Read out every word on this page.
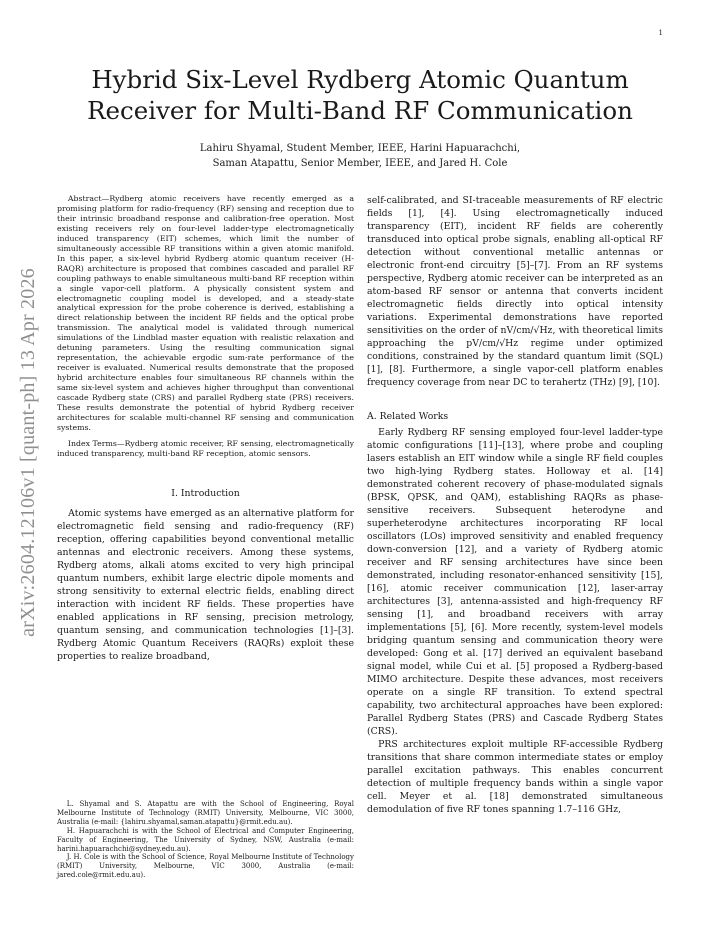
1
arXiv:2604.12106v1 [quant-ph] 13 Apr 2026
Hybrid Six-Level Rydberg Atomic Quantum
Receiver for Multi-Band RF Communication
Lahiru Shyamal, Student Member, IEEE, Harini Hapuarachchi,
Saman Atapattu, Senior Member, IEEE, and Jared H. Cole

Abstract—Rydberg atomic receivers have recently emerged as a promising platform for radio-frequency (RF) sensing and reception due to their intrinsic broadband response and calibration-free operation. Most existing receivers rely on four-level ladder-type electromagnetically induced transparency (EIT) schemes, which limit the number of simultaneously accessible RF transitions within a given atomic manifold. In this paper, a six-level hybrid Rydberg atomic quantum receiver (H-RAQR) architecture is proposed that combines cascaded and parallel RF coupling pathways to enable simultaneous multi-band RF reception within a single vapor-cell platform. A physically consistent system and electromagnetic coupling model is developed, and a steady-state analytical expression for the probe coherence is derived, establishing a direct relationship between the incident RF fields and the optical probe transmission. The analytical model is validated through numerical simulations of the Lindblad master equation with realistic relaxation and detuning parameters. Using the resulting communication signal representation, the achievable ergodic sum-rate performance of the receiver is evaluated. Numerical results demonstrate that the proposed hybrid architecture enables four simultaneous RF channels within the same six-level system and achieves higher throughput than conventional cascade Rydberg state (CRS) and parallel Rydberg state (PRS) receivers. These results demonstrate the potential of hybrid Rydberg receiver architectures for scalable multi-channel RF sensing and communication systems.

Index Terms—Rydberg atomic receiver, RF sensing, electromagnetically induced transparency, multi-band RF reception, atomic sensors.

I. Introduction

Atomic systems have emerged as an alternative platform for electromagnetic field sensing and radio-frequency (RF) reception, offering capabilities beyond conventional metallic antennas and electronic receivers. Among these systems, Rydberg atoms, alkali atoms excited to very high principal quantum numbers, exhibit large electric dipole moments and strong sensitivity to external electric fields, enabling direct interaction with incident RF fields. These properties have enabled applications in RF sensing, precision metrology, quantum sensing, and communication technologies [1]–[3]. Rydberg Atomic Quantum Receivers (RAQRs) exploit these properties to realize broadband,

L. Shyamal and S. Atapattu are with the School of Engineering, Royal Melbourne Institute of Technology (RMIT) University, Melbourne, VIC 3000, Australia (e-mail: {lahiru.shyamal,saman.atapattu}@rmit.edu.au).

H. Hapuarachchi is with the School of Electrical and Computer Engineering, Faculty of Engineering, The University of Sydney, NSW, Australia (e-mail: harini.hapuarachchi@sydney.edu.au).

J. H. Cole is with the School of Science, Royal Melbourne Institute of Technology (RMIT) University, Melbourne, VIC 3000, Australia (e-mail: jared.cole@rmit.edu.au).

self-calibrated, and SI-traceable measurements of RF electric fields [1], [4]. Using electromagnetically induced transparency (EIT), incident RF fields are coherently transduced into optical probe signals, enabling all-optical RF detection without conventional metallic antennas or electronic front-end circuitry [5]–[7]. From an RF systems perspective, Rydberg atomic receiver can be interpreted as an atom-based RF sensor or antenna that converts incident electromagnetic fields directly into optical intensity variations. Experimental demonstrations have reported sensitivities on the order of nV/cm/√Hz, with theoretical limits approaching the pV/cm/√Hz regime under optimized conditions, constrained by the standard quantum limit (SQL) [1], [8]. Furthermore, a single vapor-cell platform enables frequency coverage from near DC to terahertz (THz) [9], [10].

A. Related Works

Early Rydberg RF sensing employed four-level ladder-type atomic configurations [11]–[13], where probe and coupling lasers establish an EIT window while a single RF field couples two high-lying Rydberg states. Holloway et al. [14] demonstrated coherent recovery of phase-modulated signals (BPSK, QPSK, and QAM), establishing RAQRs as phase-sensitive receivers. Subsequent heterodyne and superheterodyne architectures incorporating RF local oscillators (LOs) improved sensitivity and enabled frequency down-conversion [12], and a variety of Rydberg atomic receiver and RF sensing architectures have since been demonstrated, including resonator-enhanced sensitivity [15], [16], atomic receiver communication [12], laser-array architectures [3], antenna-assisted and high-frequency RF sensing [1], and broadband receivers with array implementations [5], [6]. More recently, system-level models bridging quantum sensing and communication theory were developed: Gong et al. [17] derived an equivalent baseband signal model, while Cui et al. [5] proposed a Rydberg-based MIMO architecture. Despite these advances, most receivers operate on a single RF transition. To extend spectral capability, two architectural approaches have been explored: Parallel Rydberg States (PRS) and Cascade Rydberg States (CRS).

PRS architectures exploit multiple RF-accessible Rydberg transitions that share common intermediate states or employ parallel excitation pathways. This enables concurrent detection of multiple frequency bands within a single vapor cell. Meyer et al. [18] demonstrated simultaneous demodulation of five RF tones spanning 1.7–116 GHz,
